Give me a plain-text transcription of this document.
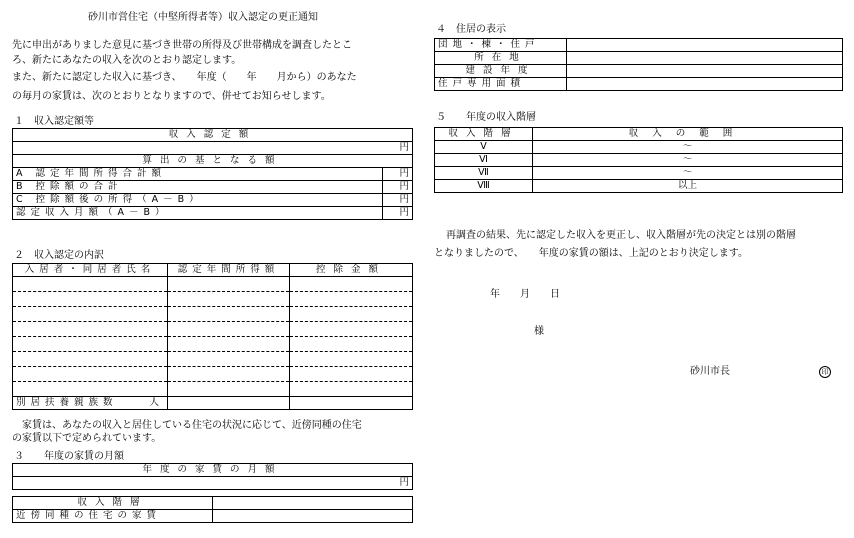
砂川市営住宅（中堅所得者等）収入認定の更正通知
先に申出がありました意見に基づき世帯の所得及び世帯構成を調査したとこ
ろ、新たにあなたの収入を次のとおり認定します。
また、新たに認定した収入に基づき、　　年度（　　年　　月から）のあなた
の毎月の家賃は、次のとおりとなりますので、併せてお知らせします。
１　収入認定額等
収入認定額	
	円
算出の基となる額	
A 認定年間所得合計額	円
B 控除額の合計	円
C 控除額後の所得（A－B）	円
認定収入月額（A－B）	円
２　収入認定の内訳
入居者・同居者氏名	認定年間所得額	控除金額

別居扶養親族数 人		

家賃は、あなたの収入と居住している住宅の状況に応じて、近傍同種の住宅
の家賃以下で定められています。
３　　年度の家賃の月額
年度の家賃の月額		
		円

収入階層		
近傍同種の住宅の家賃		
４　住居の表示
団地・棟・住戸	
所在地	
建設年度	
住戸専用面積	
５　　年度の収入階層
収入階層	収入の範囲
Ⅴ	～
Ⅵ	～
Ⅶ	～
Ⅷ	以上
再調査の結果、先に認定した収入を更正し、収入階層が先の決定とは別の階層
となりましたので、　　年度の家賃の額は、上記のとおり決定します。
年　　月　　日
様
砂川市長	印
